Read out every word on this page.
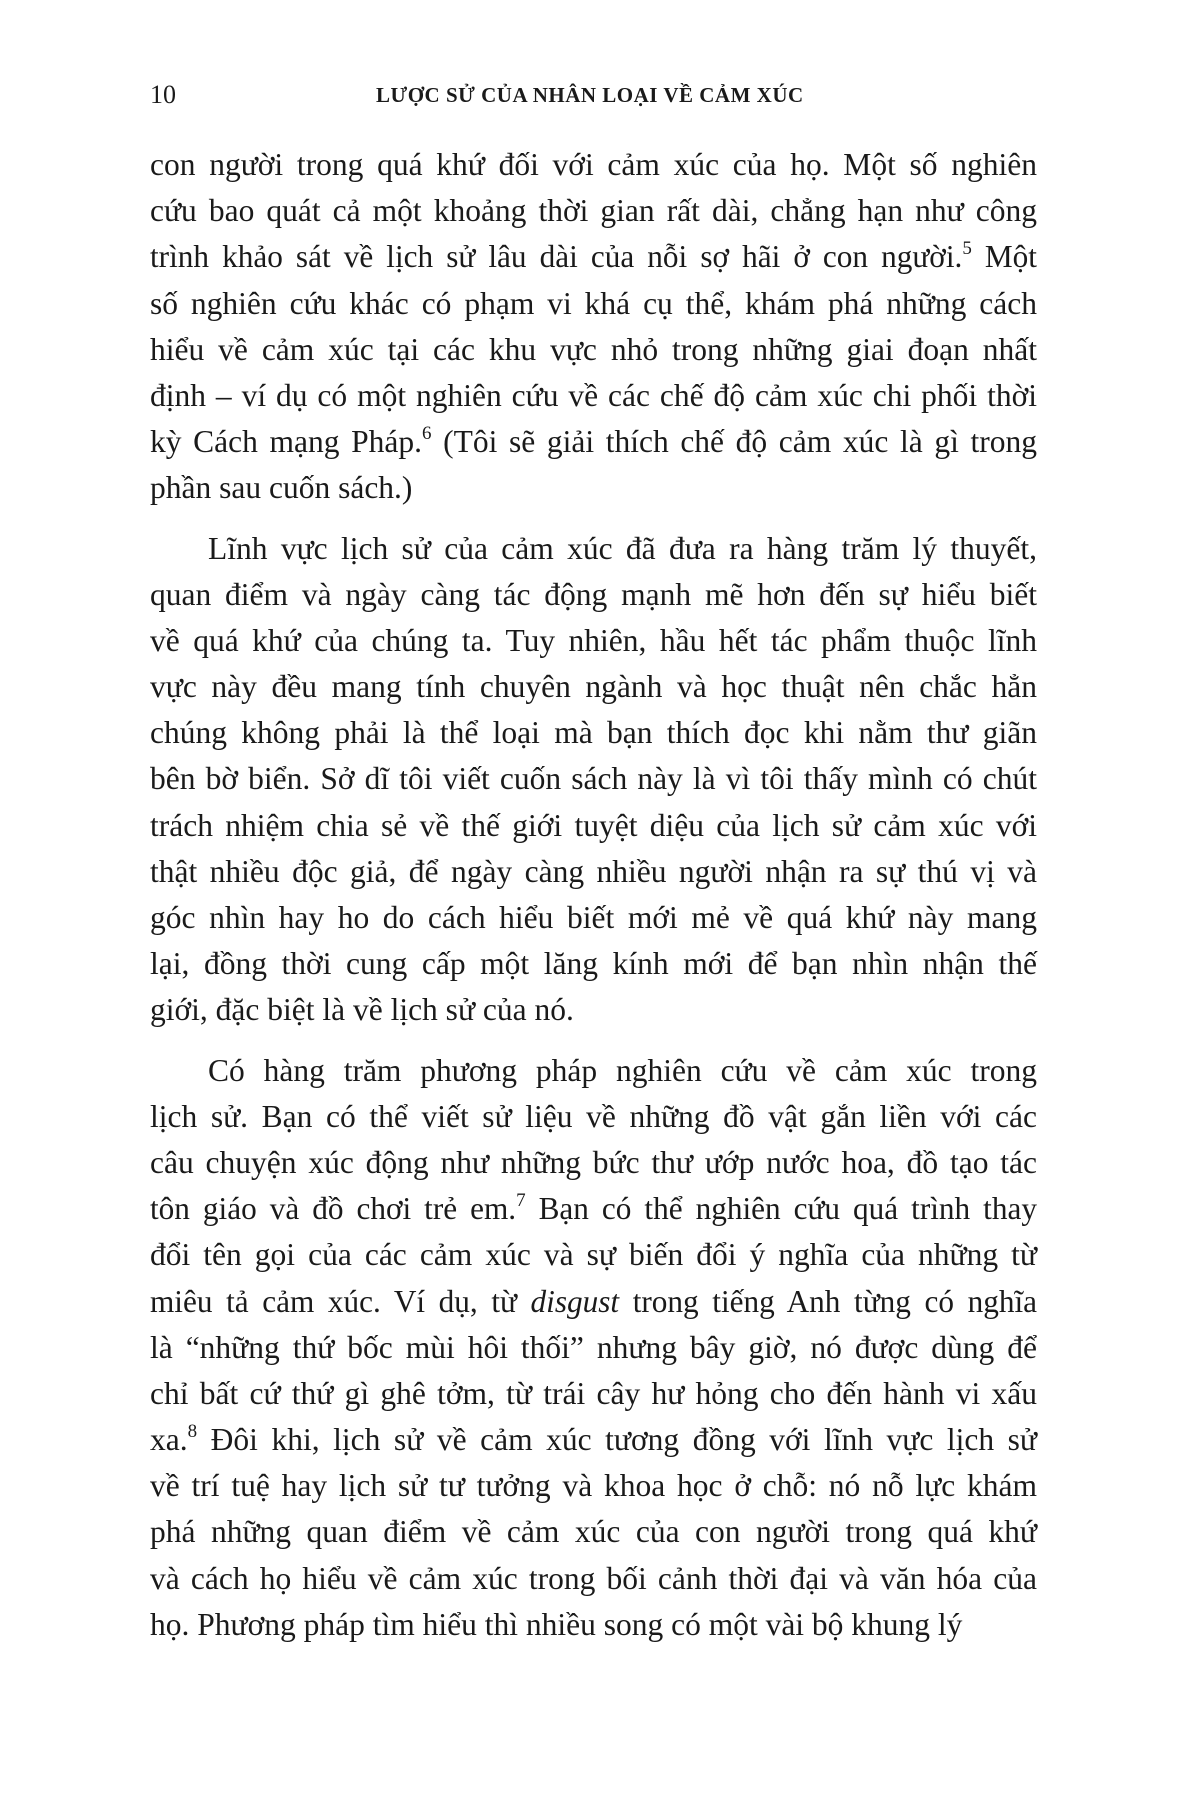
10	LƯỢC SỬ CỦA NHÂN LOẠI VỀ CẢM XÚC
con người trong quá khứ đối với cảm xúc của họ. Một số nghiên
cứu bao quát cả một khoảng thời gian rất dài, chẳng hạn như công
trình khảo sát về lịch sử lâu dài của nỗi sợ hãi ở con người.$^5$ Một
số nghiên cứu khác có phạm vi khá cụ thể, khám phá những cách
hiểu về cảm xúc tại các khu vực nhỏ trong những giai đoạn nhất
định – ví dụ có một nghiên cứu về các chế độ cảm xúc chi phối thời
kỳ Cách mạng Pháp.$^6$ (Tôi sẽ giải thích chế độ cảm xúc là gì trong
phần sau cuốn sách.)
Lĩnh vực lịch sử của cảm xúc đã đưa ra hàng trăm lý thuyết,
quan điểm và ngày càng tác động mạnh mẽ hơn đến sự hiểu biết
về quá khứ của chúng ta. Tuy nhiên, hầu hết tác phẩm thuộc lĩnh
vực này đều mang tính chuyên ngành và học thuật nên chắc hẳn
chúng không phải là thể loại mà bạn thích đọc khi nằm thư giãn
bên bờ biển. Sở dĩ tôi viết cuốn sách này là vì tôi thấy mình có chút
trách nhiệm chia sẻ về thế giới tuyệt diệu của lịch sử cảm xúc với
thật nhiều độc giả, để ngày càng nhiều người nhận ra sự thú vị và
góc nhìn hay ho do cách hiểu biết mới mẻ về quá khứ này mang
lại, đồng thời cung cấp một lăng kính mới để bạn nhìn nhận thế
giới, đặc biệt là về lịch sử của nó.
Có hàng trăm phương pháp nghiên cứu về cảm xúc trong
lịch sử. Bạn có thể viết sử liệu về những đồ vật gắn liền với các
câu chuyện xúc động như những bức thư ướp nước hoa, đồ tạo tác
tôn giáo và đồ chơi trẻ em.$^7$ Bạn có thể nghiên cứu quá trình thay
đổi tên gọi của các cảm xúc và sự biến đổi ý nghĩa của những từ
miêu tả cảm xúc. Ví dụ, từ disgust trong tiếng Anh từng có nghĩa
là “những thứ bốc mùi hôi thối” nhưng bây giờ, nó được dùng để
chỉ bất cứ thứ gì ghê tởm, từ trái cây hư hỏng cho đến hành vi xấu
xa.$^8$ Đôi khi, lịch sử về cảm xúc tương đồng với lĩnh vực lịch sử
về trí tuệ hay lịch sử tư tưởng và khoa học ở chỗ: nó nỗ lực khám
phá những quan điểm về cảm xúc của con người trong quá khứ
và cách họ hiểu về cảm xúc trong bối cảnh thời đại và văn hóa của
họ. Phương pháp tìm hiểu thì nhiều song có một vài bộ khung lý
